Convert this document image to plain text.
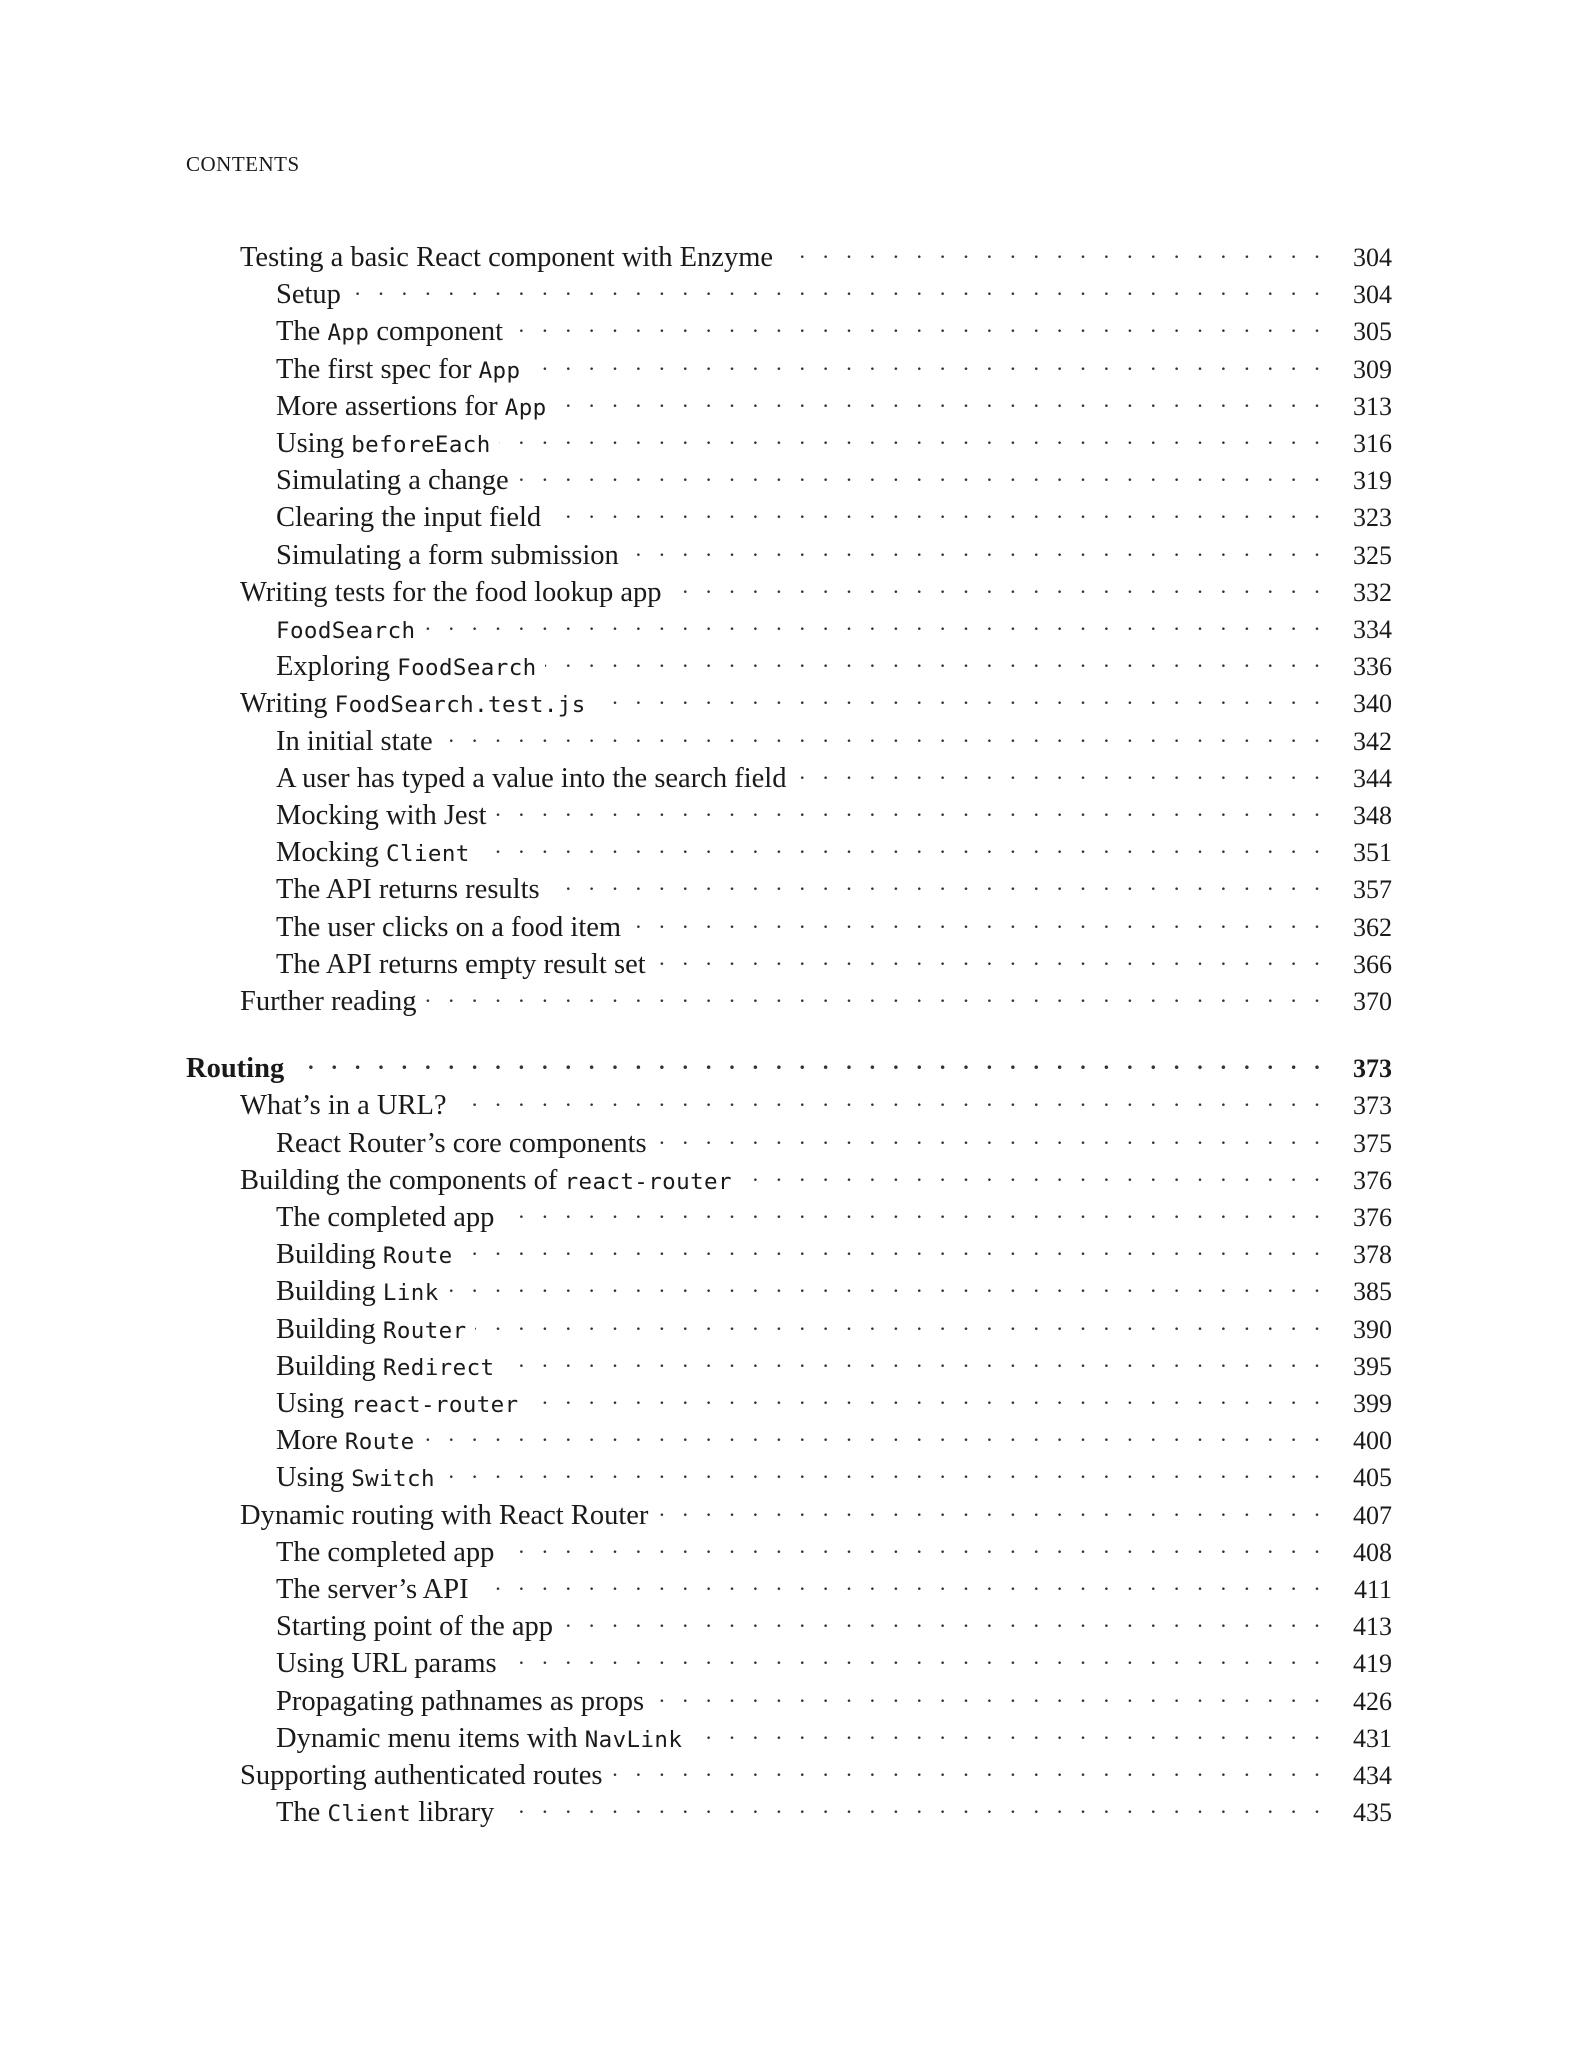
CONTENTS
Testing a basic React component with Enzyme . . .	304
Setup . . .	304
The App component . . .	305
The first spec for App . . .	309
More assertions for App . . .	313
Using beforeEach . . .	316
Simulating a change . . .	319
Clearing the input field . . .	323
Simulating a form submission . . .	325
Writing tests for the food lookup app . . .	332
FoodSearch . . .	334
Exploring FoodSearch . . .	336
Writing FoodSearch.test.js . . .	340
In initial state . . .	342
A user has typed a value into the search field . . .	344
Mocking with Jest . . .	348
Mocking Client . . .	351
The API returns results . . .	357
The user clicks on a food item . . .	362
The API returns empty result set . . .	366
Further reading . . .	370
Routing . . .	373
What’s in a URL? . . .	373
React Router’s core components . . .	375
Building the components of react-router . . .	376
The completed app . . .	376
Building Route . . .	378
Building Link . . .	385
Building Router . . .	390
Building Redirect . . .	395
Using react-router . . .	399
More Route . . .	400
Using Switch . . .	405
Dynamic routing with React Router . . .	407
The completed app . . .	408
The server’s API . . .	411
Starting point of the app . . .	413
Using URL params . . .	419
Propagating pathnames as props . . .	426
Dynamic menu items with NavLink . . .	431
Supporting authenticated routes . . .	434
The Client library . . .	435
